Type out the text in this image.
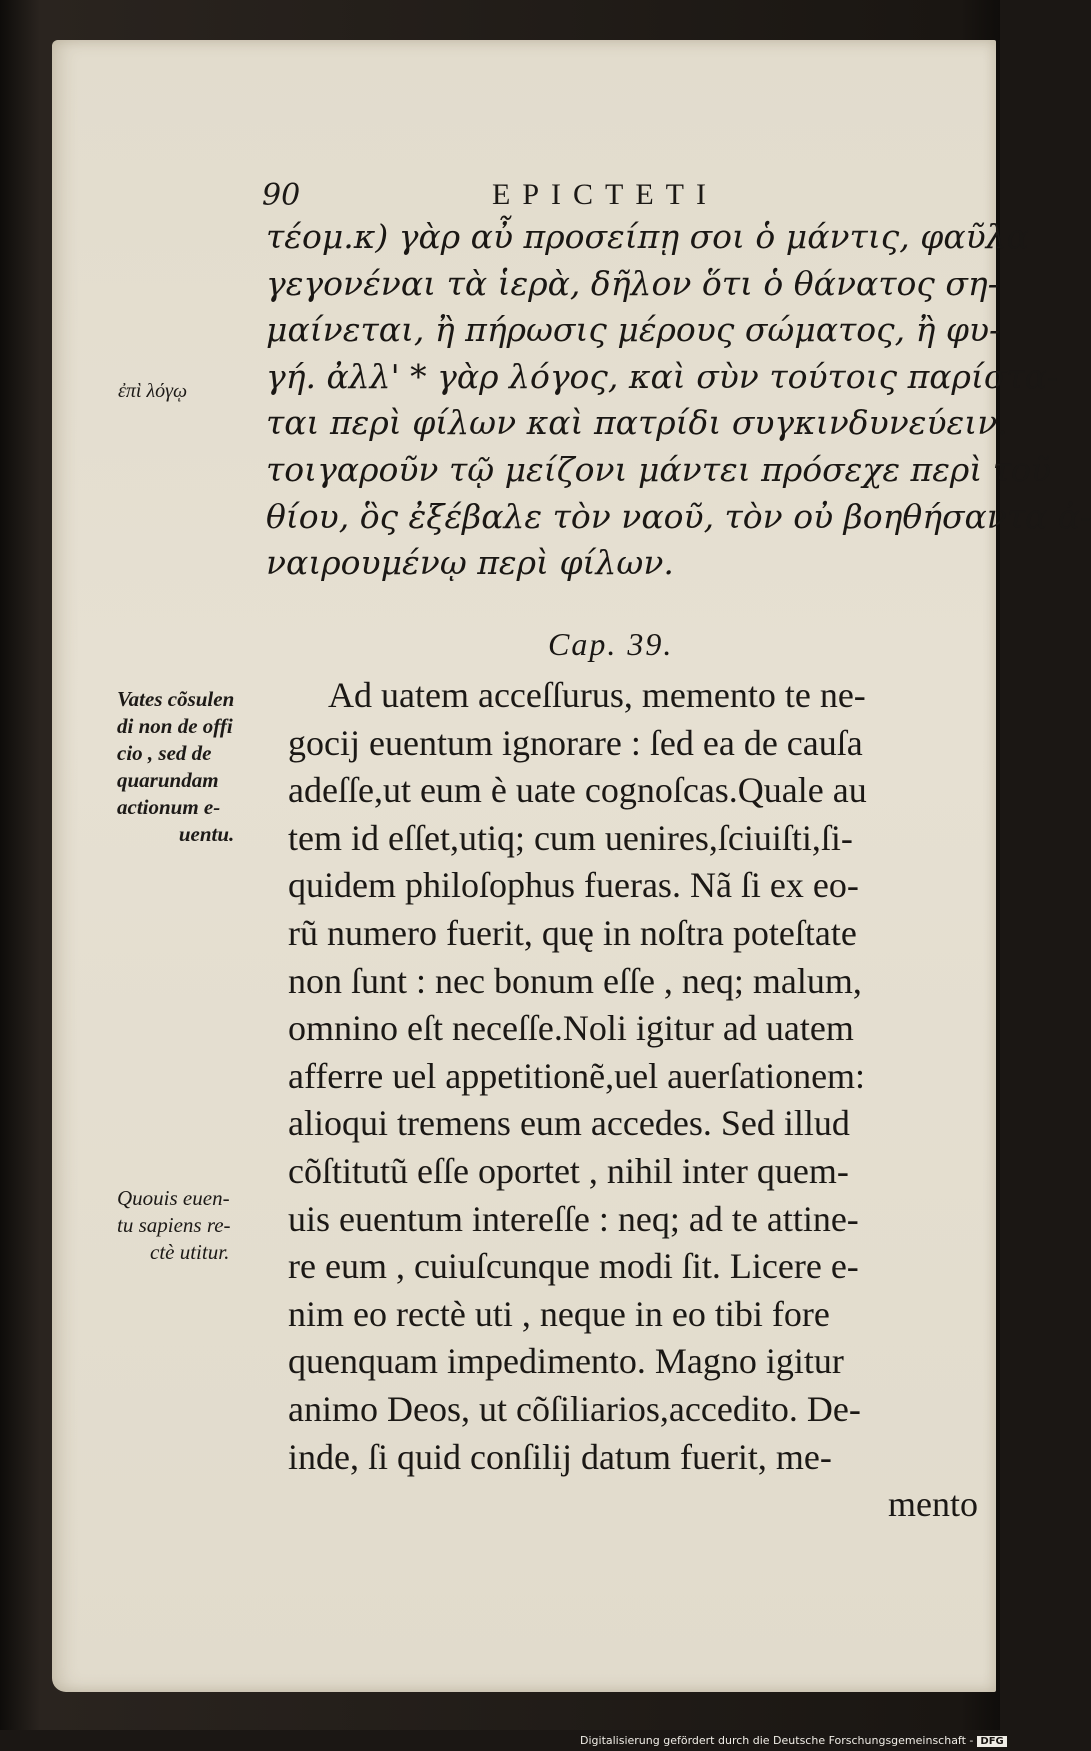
90	EPICTETI
τέομ.κ) γὰρ αὖ προσείπῃ σοι ὁ μάντις, φαῦλα
γεγονέναι τὰ ἱερὰ, δῆλον ὅτι ὁ θάνατος ση-
μαίνεται, ἢ πήρωσις μέρους σώματος, ἢ φυ-
γή. ἀλλ' * γὰρ λόγος, καὶ σὺν τούτοις παρίστα-
ται περὶ φίλων καὶ πατρίδι συγκινδυνεύειν.
τοιγαροῦν τῷ μείζονι μάντει πρόσεχε περὶ τοῦ
θίου, ὃς ἐξέβαλε τὸν ναοῦ, τὸν οὐ βοηθήσαντα ἀ-
ναιρουμένῳ περὶ φίλων.
ἐπὶ λόγῳ
Cap. 39.
Vates cõsulen
di non de offi
cio , sed de
quarundam
actionum e-
uentu.
Ad uatem acceſſurus, memento te ne-
gocij euentum ignorare : ſed ea de cauſa
adeſſe,ut eum è uate cognoſcas.Quale au
tem id eſſet,utiq; cum uenires,ſciuiſti,ſi-
quidem philoſophus fueras. Nã ſi ex eo-
rũ numero fuerit, quę in noſtra poteſtate
non ſunt : nec bonum eſſe , neq; malum,
omnino eſt neceſſe.Noli igitur ad uatem
afferre uel appetitionẽ,uel auerſationem:
alioqui tremens eum accedes. Sed illud
cõſtitutũ eſſe oportet , nihil inter quem-
uis euentum intereſſe : neq; ad te attine-
re eum , cuiuſcunque modi ſit. Licere e-
nim eo rectè uti , neque in eo tibi fore
quenquam impedimento. Magno igitur
animo Deos, ut cõſiliarios,accedito. De-
inde, ſi quid conſilij datum fuerit, me-
mento
Quouis euen-
tu sapiens re-
ctè utitur.
Digitalisierung gefördert durch die Deutsche Forschungsgemeinschaft - DFG
